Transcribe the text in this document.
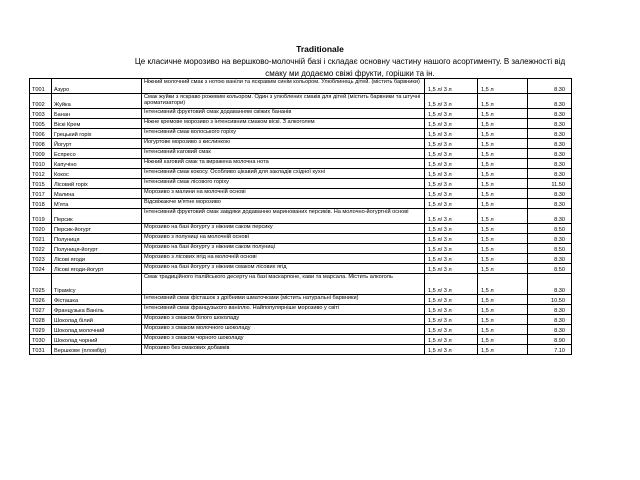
Traditionale
Це класичне морозиво на вершково-молочній базі і складає основну частину нашого асортименту. В залежності від смаку ми додаємо свіжі фрукти, горішки та ін.
T001	Азуро	Ніжний молочний смак з нотою ваніли та яскравим синім кольором. Улюблинець дітей. (містить барвники)	1,5 л/ 3 л	1,5 л	8.30	
T002	Жуйка	Смак жуйки з яскраво рожевим кольором. Один з улюблених смаків для дітей (містить барвники та штучні ароматизатори)	1,5 л/ 3 л	1,5 л	8.30	
T003	Банан	Інтенсивний фруктовий смак додаванням свіжих бананів	1,5 л/ 3 л	1,5 л	8.30	
T005	Віскі Крем	Ніжне кремове морозиво з інтенсивним смаком віскі. З алкоголем	1,5 л/ 3 л	1,5 л	8.30	
T006	Грецький горіх	Інтенсивний смак волоського горіху	1,5 л/ 3 л	1,5 л	8.30	
T008	Йогурт	Йогуртове морозиво з кислинкою	1,5 л/ 3 л	1,5 л	8.30	
T009	Еспресо	Інтенсивний каговий смак	1,5 л/ 3 л	1,5 л	8.30	
T010	Капучіно	Ніжний каговий смак та виражена молочна нота	1,5 л/ 3 л	1,5 л	8.30	
T012	Кокос	Інтенсивний смак кокосу. Особливо цікавий для закладів східної кухні	1,5 л/ 3 л	1,5 л	8.30	
T015	Лісовий горіх	Інтенсивний смак лісового горіху	1,5 л/ 3 л	1,5 л	11.50	
T017	Малина	Морозиво з малини на молочній основі	1,5 л/ 3 л	1,5 л	8.30	
T018	М'ята	Відсвіжаюче м'ятне морозиво	1,5 л/ 3 л	1,5 л	8.30	
T019	Персик	Інтенсивний фруктовий смак завдяки додаванню маринованих персиків. На молочно-йогуртній основі	1,5 л/ 3 л	1,5 л	8.30	
T020	Персик-йогурт	Морозиво на базі йогурту з ніжним саком персику	1,5 л/ 3 л	1,5 л	8.50	
T021	Полуниця	Морозиво з полуниці на молочній основі	1,5 л/ 3 л	1,5 л	8.30	
T022	Полуниця-йогурт	Морозиво на базі йогурту з ніжним саком полуниці	1,5 л/ 3 л	1,5 л	8.50	
T023	Лісові ягоди	Морозиво з лісових ягід на молочній основі	1,5 л/ 3 л	1,5 л	8.30	
T024	Лісові ягоди-йогурт	Морозиво на базі йогурту з ніжним смаком лісових ягід	1,5 л/ 3 л	1,5 л	8.50	
T025	Тірамісу	Смак традиційного італійського десерту на базі маскарпоне, кави та марсала. Містить алкоголь	1,5 л/ 3 л	1,5 л	8.30	
T026	Фісташка	Інтенсивний смак фісташок з дрібними шматочками (містить натуральні барвники)	1,5 л/ 3 л	1,5 л	10.50	
T027	Французька Ваніль	Інтенсивний смак французького ваніллю. Найпопулярніше морозиво у світі	1,5 л/ 3 л	1,5 л	8.30	
T028	Шоколад білий	Морозиво з смаком білого шоколаду	1,5 л/ 3 л	1,5 л	8.30	
T029	Шоколад молочний	Морозиво з смаком молочного шоколаду	1,5 л/ 3 л	1,5 л	8.30	
T030	Шоколад чорний	Морозиво з смаком чорного шоколаду	1,5 л/ 3 л	1,5 л	8.90	
T031	Вершкове (пломбір)	Морозиво без смакових добавків	1,5 л/ 3 л	1,5 л	7.10	
